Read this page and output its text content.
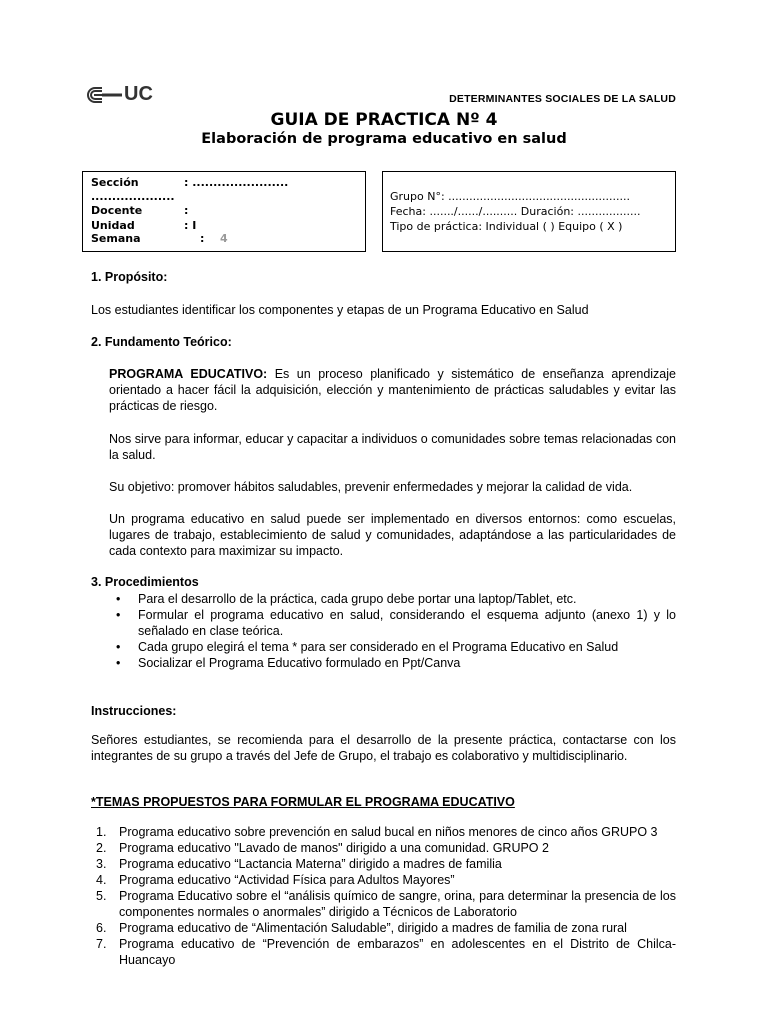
UC	DETERMINANTES SOCIALES DE LA SALUD
GUIA DE PRACTICA Nº 4
Elaboración de programa educativo en salud
Sección	: .......................
....................
Docente	:
Unidad	: I
Semana	: 4
Grupo N°: ....................................................
Fecha: ......./....../.......... Duración: ..................
Tipo de práctica: Individual ( ) Equipo ( X )
1. Propósito:
Los estudiantes identificar los componentes y etapas de un Programa Educativo en Salud
2. Fundamento Teórico:
PROGRAMA EDUCATIVO: Es un proceso planificado y sistemático de enseñanza aprendizaje orientado a hacer fácil la adquisición, elección y mantenimiento de prácticas saludables y evitar las prácticas de riesgo.
Nos sirve para informar, educar y capacitar a individuos o comunidades sobre temas relacionadas con la salud.
Su objetivo: promover hábitos saludables, prevenir enfermedades y mejorar la calidad de vida.
Un programa educativo en salud puede ser implementado en diversos entornos: como escuelas, lugares de trabajo, establecimiento de salud y comunidades, adaptándose a las particularidades de cada contexto para maximizar su impacto.
3. Procedimientos
• Para el desarrollo de la práctica, cada grupo debe portar una laptop/Tablet, etc.
• Formular el programa educativo en salud, considerando el esquema adjunto (anexo 1) y lo señalado en clase teórica.
• Cada grupo elegirá el tema * para ser considerado en el Programa Educativo en Salud
• Socializar el Programa Educativo formulado en Ppt/Canva
Instrucciones:
Señores estudiantes, se recomienda para el desarrollo de la presente práctica, contactarse con los integrantes de su grupo a través del Jefe de Grupo, el trabajo es colaborativo y multidisciplinario.
*TEMAS PROPUESTOS PARA FORMULAR EL PROGRAMA EDUCATIVO
1. Programa educativo sobre prevención en salud bucal en niños menores de cinco años GRUPO 3
2. Programa educativo "Lavado de manos" dirigido a una comunidad. GRUPO 2
3. Programa educativo “Lactancia Materna” dirigido a madres de familia
4. Programa educativo “Actividad Física para Adultos Mayores”
5. Programa Educativo sobre el “análisis químico de sangre, orina, para determinar la presencia de los componentes normales o anormales” dirigido a Técnicos de Laboratorio
6. Programa educativo de “Alimentación Saludable”, dirigido a madres de familia de zona rural
7. Programa educativo de “Prevención de embarazos” en adolescentes en el Distrito de Chilca-Huancayo
